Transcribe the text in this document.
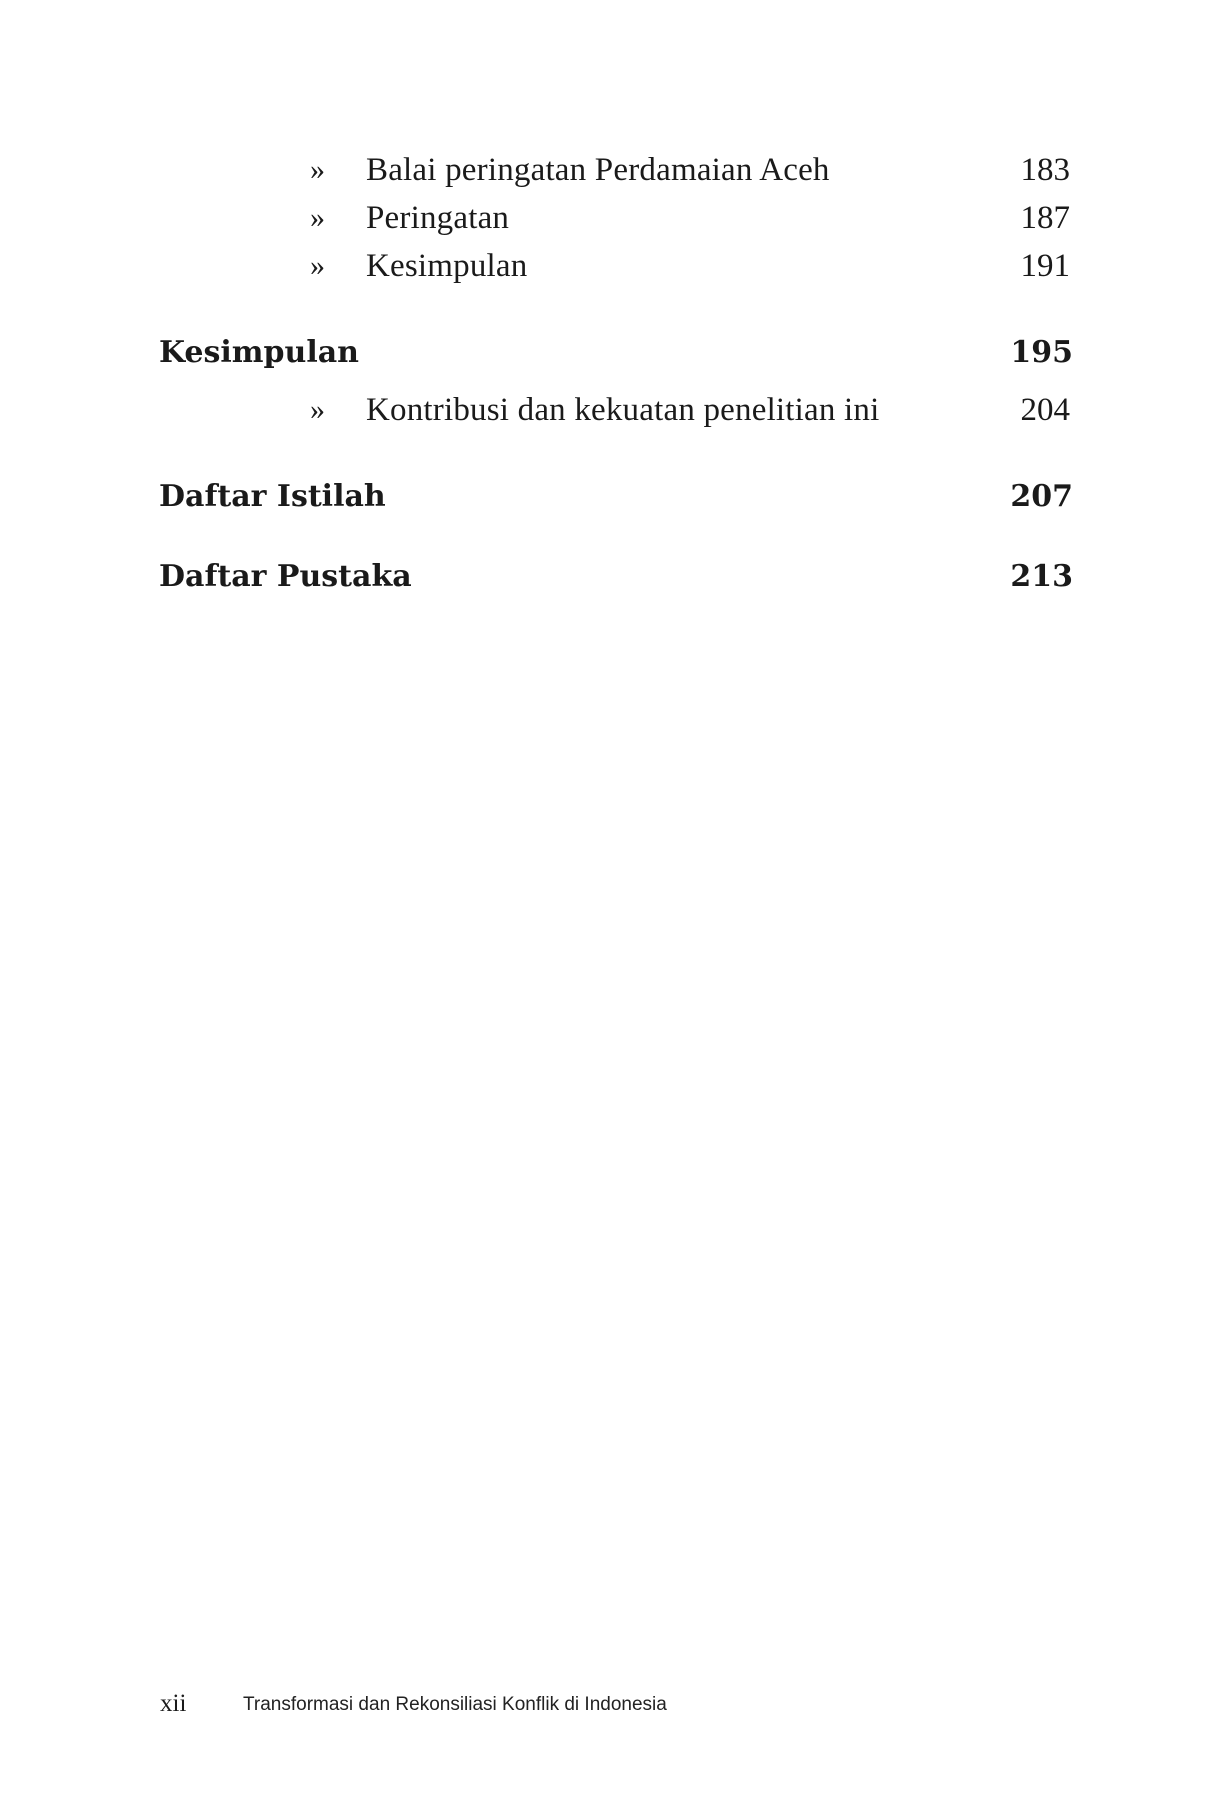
» Balai peringatan Perdamaian Aceh	183
» Peringatan	187
» Kesimpulan	191
Kesimpulan	195
» Kontribusi dan kekuatan penelitian ini	204
Daftar Istilah	207
Daftar Pustaka	213
xii	Transformasi dan Rekonsiliasi Konflik di Indonesia
